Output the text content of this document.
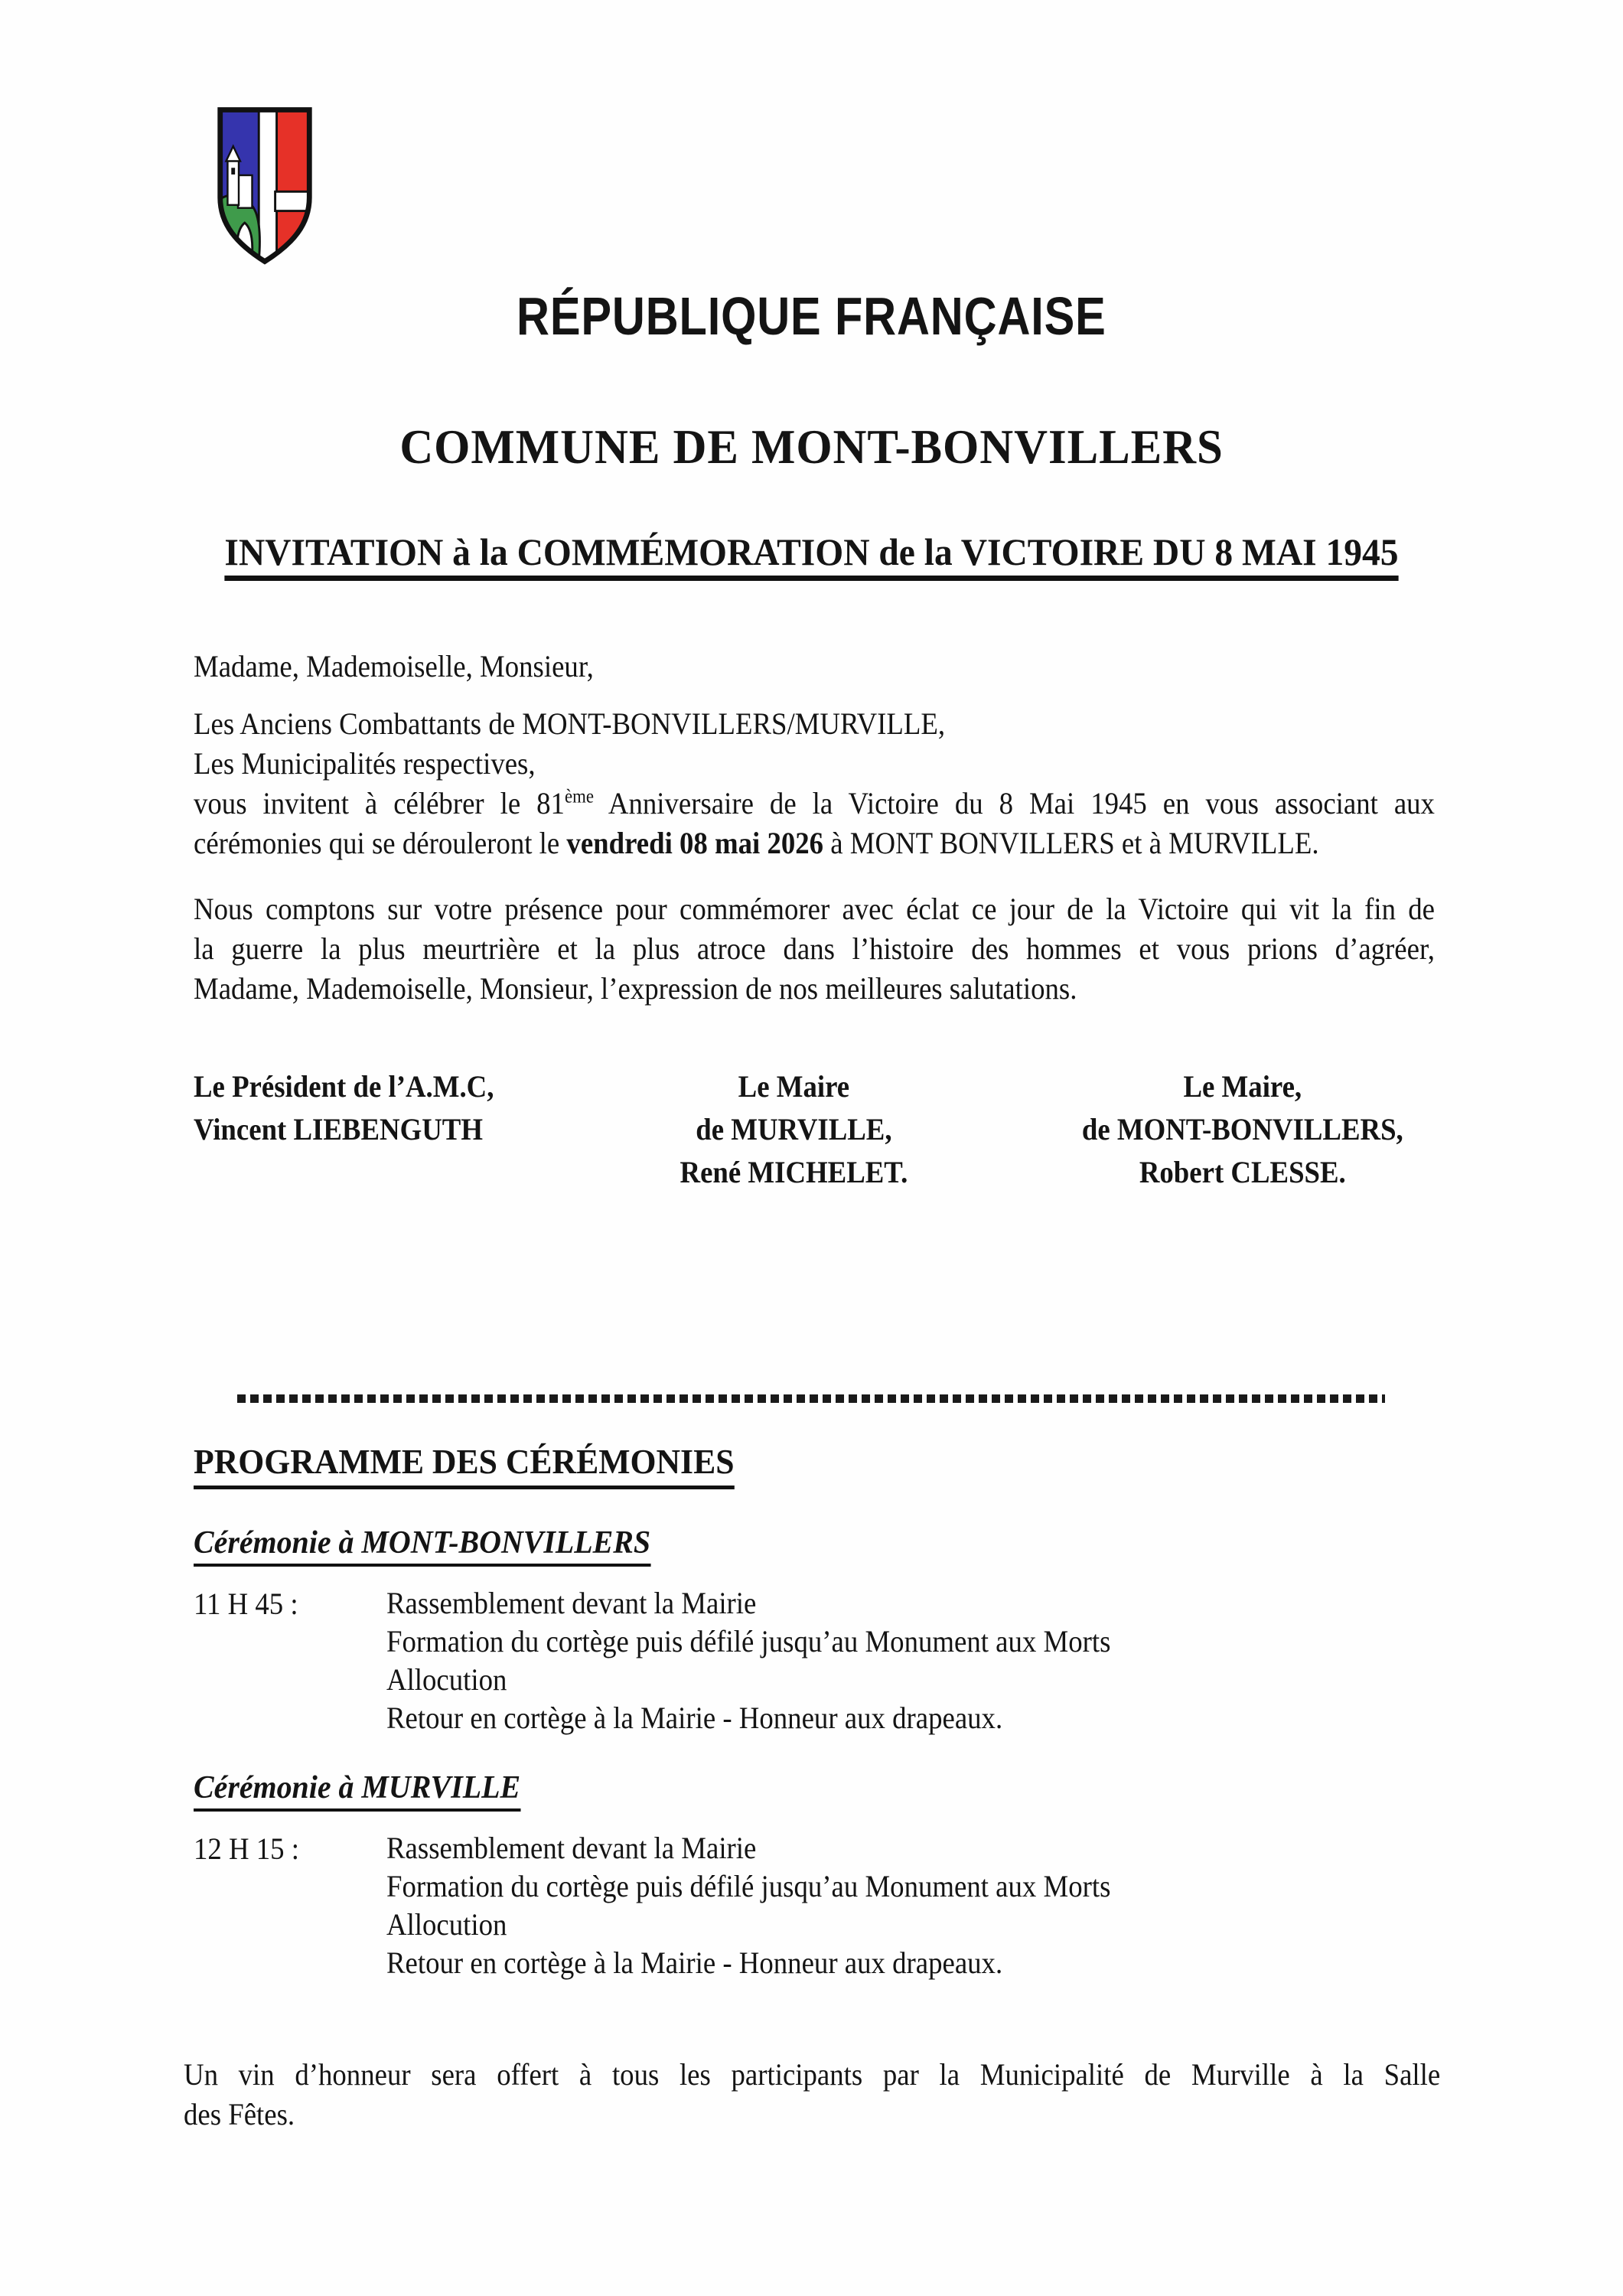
RÉPUBLIQUE FRANÇAISE
COMMUNE DE MONT-BONVILLERS
INVITATION à la COMMÉMORATION de la VICTOIRE DU 8 MAI 1945
Madame, Mademoiselle, Monsieur,
Les Anciens Combattants de MONT-BONVILLERS/MURVILLE,
Les Municipalités respectives,
vous invitent à célébrer le 81ème Anniversaire de la Victoire du 8 Mai 1945 en vous associant aux
cérémonies qui se dérouleront le vendredi 08 mai 2026 à MONT BONVILLERS et à MURVILLE.
Nous comptons sur votre présence pour commémorer avec éclat ce jour de la Victoire qui vit la fin de
la guerre la plus meurtrière et la plus atroce dans l’histoire des hommes et vous prions d’agréer,
Madame, Mademoiselle, Monsieur, l’expression de nos meilleures salutations.
Le Président de l’A.M.C,
Vincent LIEBENGUTH
Le Maire
de MURVILLE,
René MICHELET.
Le Maire,
de MONT-BONVILLERS,
Robert CLESSE.
PROGRAMME DES CÉRÉMONIES
Cérémonie à MONT-BONVILLERS
11 H 45 :	Rassemblement devant la Mairie
Formation du cortège puis défilé jusqu’au Monument aux Morts
Allocution
Retour en cortège à la Mairie - Honneur aux drapeaux.
Cérémonie à MURVILLE
12 H 15 :	Rassemblement devant la Mairie
Formation du cortège puis défilé jusqu’au Monument aux Morts
Allocution
Retour en cortège à la Mairie - Honneur aux drapeaux.
Un vin d’honneur sera offert à tous les participants par la Municipalité de Murville à la Salle
des Fêtes.
